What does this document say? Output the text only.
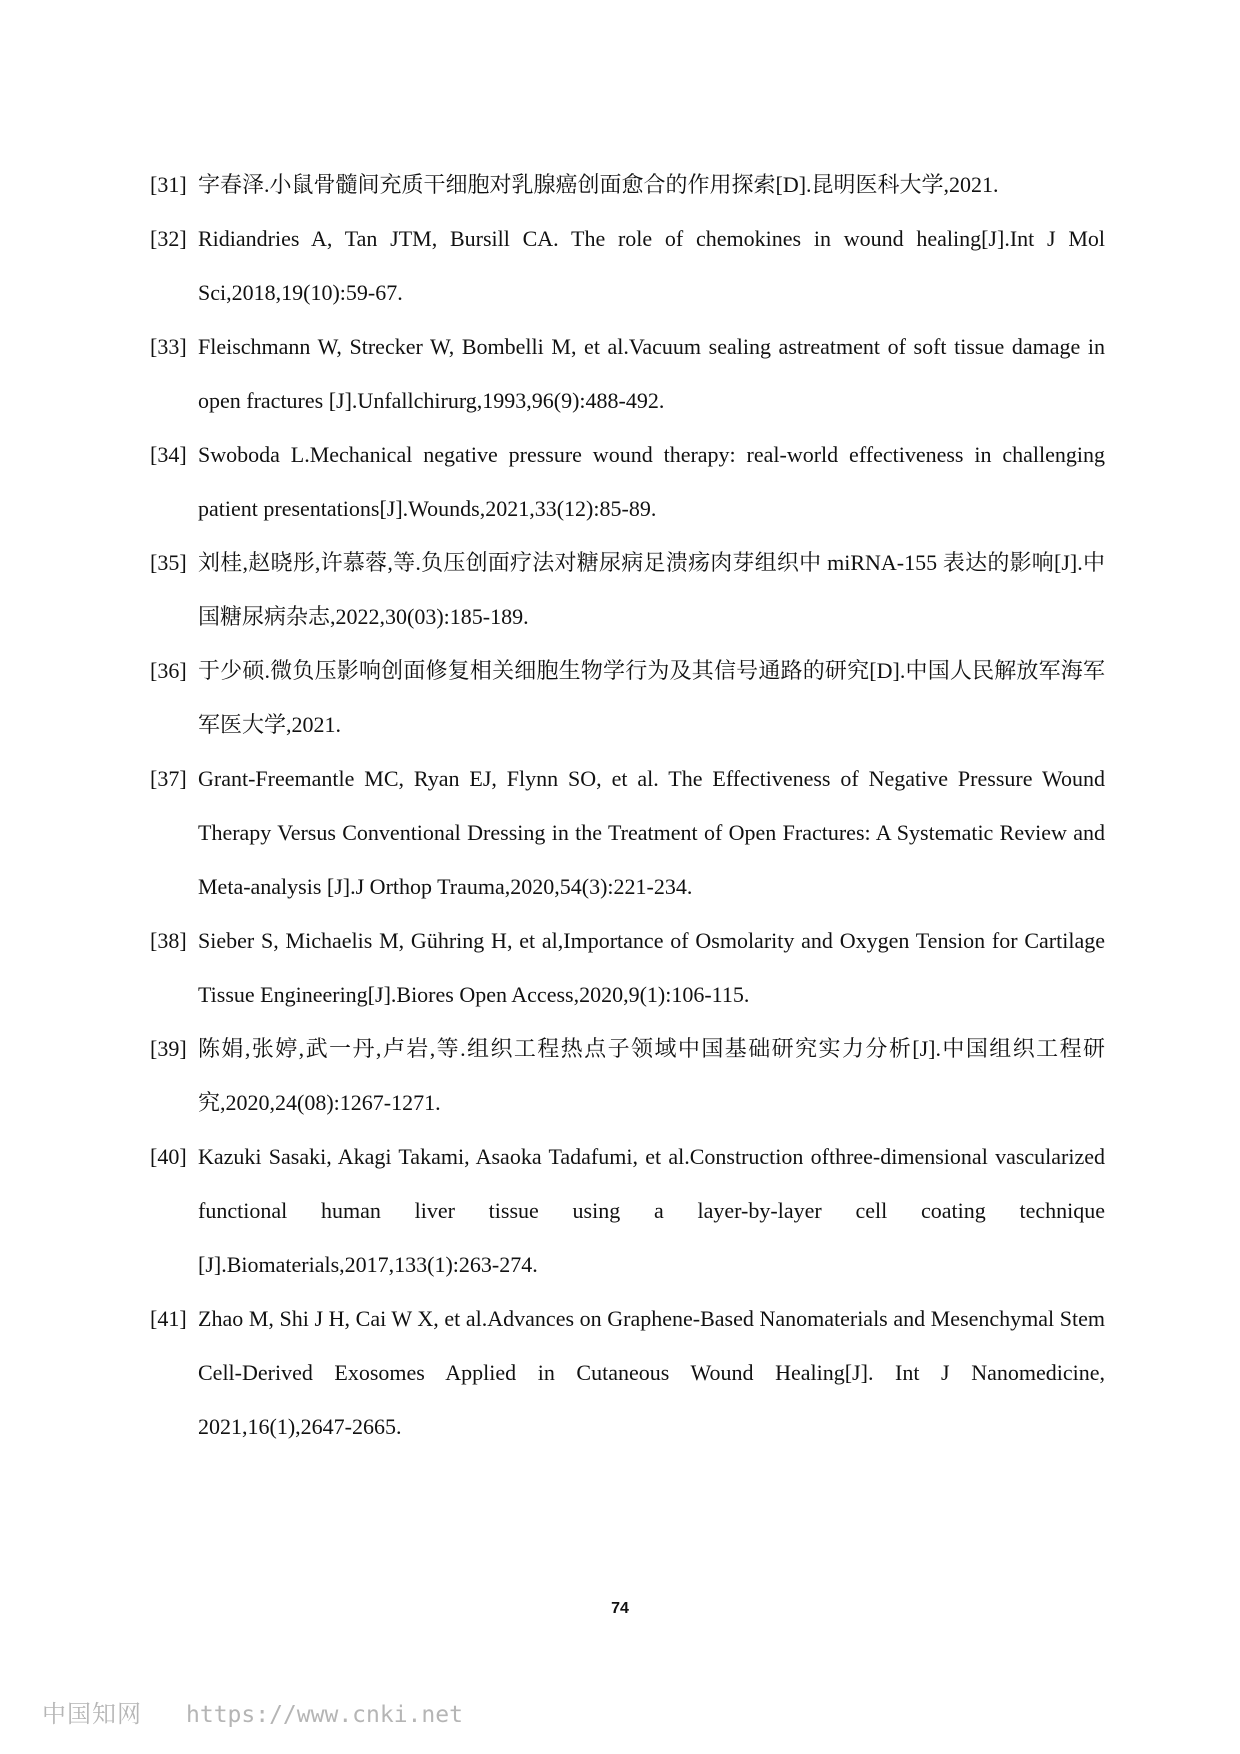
[31] 字春泽.小鼠骨髓间充质干细胞对乳腺癌创面愈合的作用探索[D].昆明医科大学,2021.
[32] Ridiandries A, Tan JTM, Bursill CA. The role of chemokines in wound healing[J].Int J Mol Sci,2018,19(10):59-67.
[33] Fleischmann W, Strecker W, Bombelli M, et al.Vacuum sealing astreatment of soft tissue damage in open fractures [J].Unfallchirurg,1993,96(9):488-492.
[34] Swoboda L.Mechanical negative pressure wound therapy: real-world effectiveness in challenging patient presentations[J].Wounds,2021,33(12):85-89.
[35] 刘桂,赵晓彤,许慕蓉,等.负压创面疗法对糖尿病足溃疡肉芽组织中 miRNA-155 表达的影响[J].中国糖尿病杂志,2022,30(03):185-189.
[36] 于少硕.微负压影响创面修复相关细胞生物学行为及其信号通路的研究[D].中国人民解放军海军军医大学,2021.
[37] Grant-Freemantle MC, Ryan EJ, Flynn SO, et al. The Effectiveness of Negative Pressure Wound Therapy Versus Conventional Dressing in the Treatment of Open Fractures: A Systematic Review and Meta-analysis [J].J Orthop Trauma,2020,54(3):221-234.
[38] Sieber S, Michaelis M, Gühring H, et al,Importance of Osmolarity and Oxygen Tension for Cartilage Tissue Engineering[J].Biores Open Access,2020,9(1):106-115.
[39] 陈娟,张婷,武一丹,卢岩,等.组织工程热点子领域中国基础研究实力分析[J].中国组织工程研究,2020,24(08):1267-1271.
[40] Kazuki Sasaki, Akagi Takami, Asaoka Tadafumi, et al.Construction ofthree-dimensional vascularized functional human liver tissue using a layer-by-layer cell coating technique [J].Biomaterials,2017,133(1):263-274.
[41] Zhao M, Shi J H, Cai W X, et al.Advances on Graphene-Based Nanomaterials and Mesenchymal Stem Cell-Derived Exosomes Applied in Cutaneous Wound Healing[J]. Int J Nanomedicine, 2021,16(1),2647-2665.
74
中国知网 https://www.cnki.net
